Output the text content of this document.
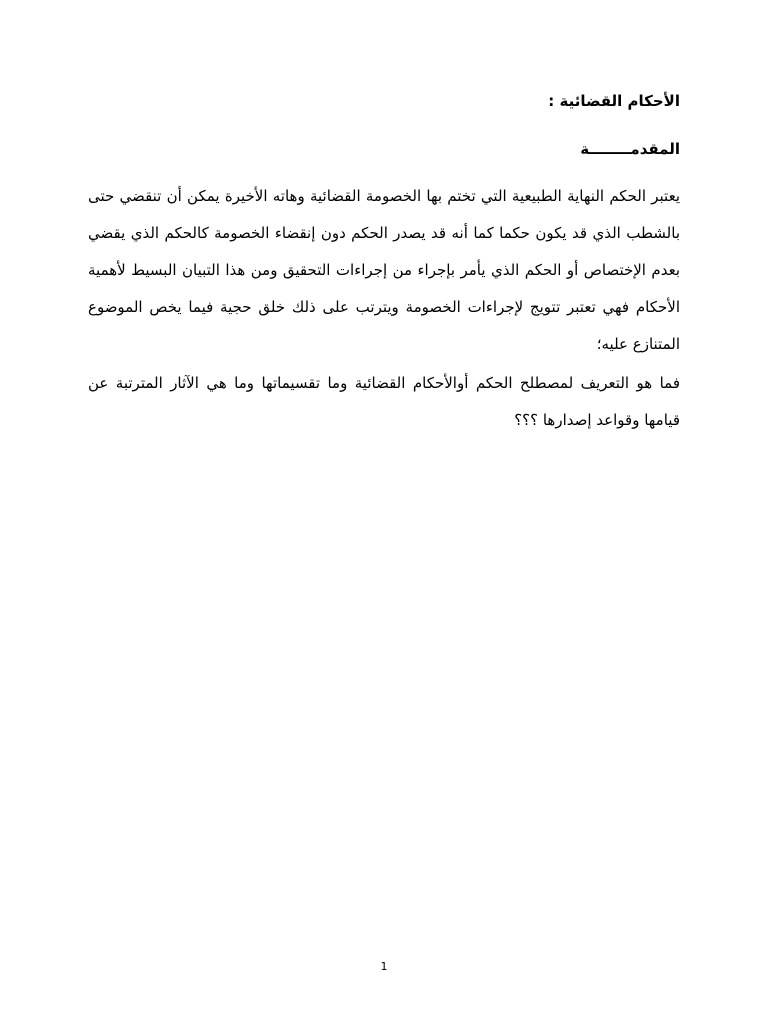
الأحكام القضائية :

المقدمــــــــة

يعتبر الحكم النهاية الطبيعية التي تختم بها الخصومة القضائية وهاته الأخيرة يمكن أن تنقضي حتى بالشطب الذي قد يكون حكما كما أنه قد يصدر الحكم دون إنقضاء الخصومة كالحكم الذي يقضي بعدم الإختصاص أو الحكم الذي يأمر بإجراء من إجراءات التحقيق ومن هذا التبيان البسيط لأهمية الأحكام فهي تعتبر تتويج لإجراءات الخصومة ويترتب على ذلك خلق حجية فيما يخص الموضوع المتنازع عليه؛

فما هو التعريف لمصطلح الحكم أوالأحكام القضائية وما تقسيماتها وما هي الآثار المترتبة عن قيامها وقواعد إصدارها ؟؟؟

1
